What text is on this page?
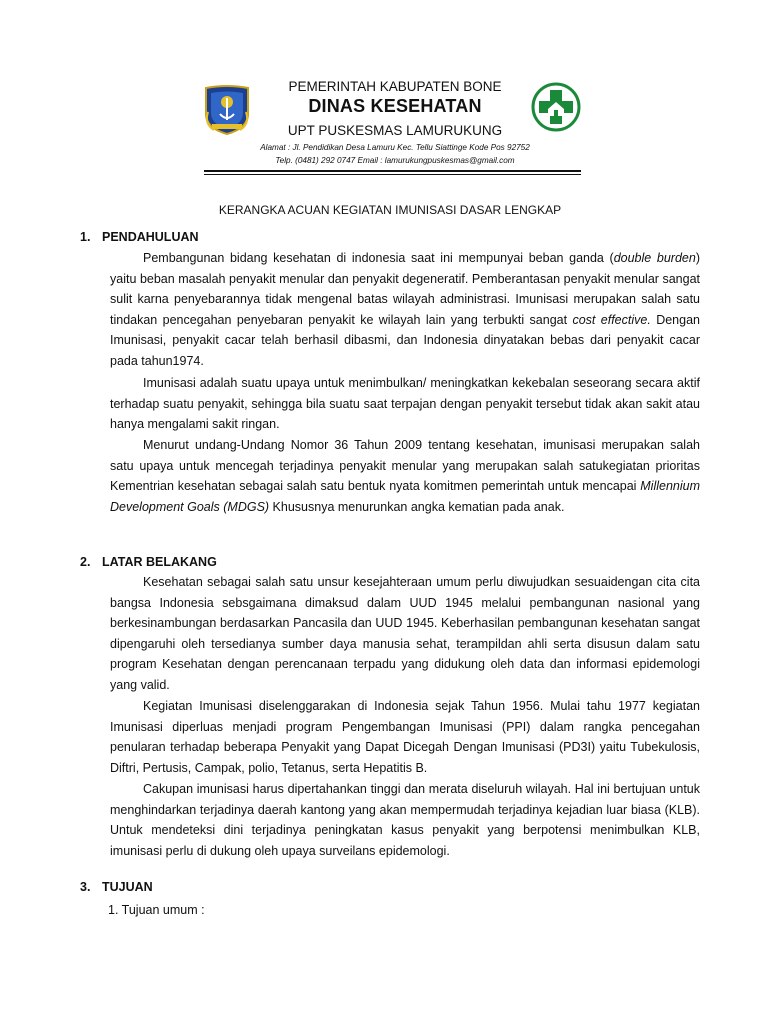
PEMERINTAH KABUPATEN BONE
DINAS KESEHATAN
UPT PUSKESMAS LAMURUKUNG
Alamat : Jl. Pendidikan Desa Lamuru Kec. Tellu Siattinge Kode Pos 92752
Telp. (0481) 292 0747 Email : lamurukungpuskesmas@gmail.com
KERANGKA ACUAN KEGIATAN IMUNISASI DASAR LENGKAP
1. PENDAHULUAN

Pembangunan bidang kesehatan di indonesia saat ini mempunyai beban ganda (double burden) yaitu beban masalah penyakit menular dan penyakit degeneratif. Pemberantasan penyakit menular sangat sulit karna penyebarannya tidak mengenal batas wilayah administrasi. Imunisasi merupakan salah satu tindakan pencegahan penyebaran penyakit ke wilayah lain yang terbukti sangat cost effective. Dengan Imunisasi, penyakit cacar telah berhasil dibasmi, dan Indonesia dinyatakan bebas dari penyakit cacar pada tahun1974.

Imunisasi adalah suatu upaya untuk menimbulkan/ meningkatkan kekebalan seseorang secara aktif terhadap suatu penyakit, sehingga bila suatu saat terpajan dengan penyakit tersebut tidak akan sakit atau hanya mengalami sakit ringan.

Menurut undang-Undang Nomor 36 Tahun 2009 tentang kesehatan, imunisasi merupakan salah satu upaya untuk mencegah terjadinya penyakit menular yang merupakan salah satukegiatan prioritas Kementrian kesehatan sebagai salah satu bentuk nyata komitmen pemerintah untuk mencapai Millennium Development Goals (MDGS) Khususnya menurunkan angka kematian pada anak.

2. LATAR BELAKANG

Kesehatan sebagai salah satu unsur kesejahteraan umum perlu diwujudkan sesuaidengan cita cita bangsa Indonesia sebsgaimana dimaksud dalam UUD 1945 melalui pembangunan nasional yang berkesinambungan berdasarkan Pancasila dan UUD 1945. Keberhasilan pembangunan kesehatan sangat dipengaruhi oleh tersedianya sumber daya manusia sehat, terampildan ahli serta disusun dalam satu program Kesehatan dengan perencanaan terpadu yang didukung oleh data dan informasi epidemologi yang valid.

Kegiatan Imunisasi diselenggarakan di Indonesia sejak Tahun 1956. Mulai tahu 1977 kegiatan Imunisasi diperluas menjadi program Pengembangan Imunisasi (PPI) dalam rangka pencegahan penularan terhadap beberapa Penyakit yang Dapat Dicegah Dengan Imunisasi (PD3I) yaitu Tubekulosis, Diftri, Pertusis, Campak, polio, Tetanus, serta Hepatitis B.

Cakupan imunisasi harus dipertahankan tinggi dan merata diseluruh wilayah. Hal ini bertujuan untuk menghindarkan terjadinya daerah kantong yang akan mempermudah terjadinya kejadian luar biasa (KLB). Untuk mendeteksi dini terjadinya peningkatan kasus penyakit yang berpotensi menimbulkan KLB, imunisasi perlu di dukung oleh upaya surveilans epidemologi.

3. TUJUAN
1. Tujuan umum :
